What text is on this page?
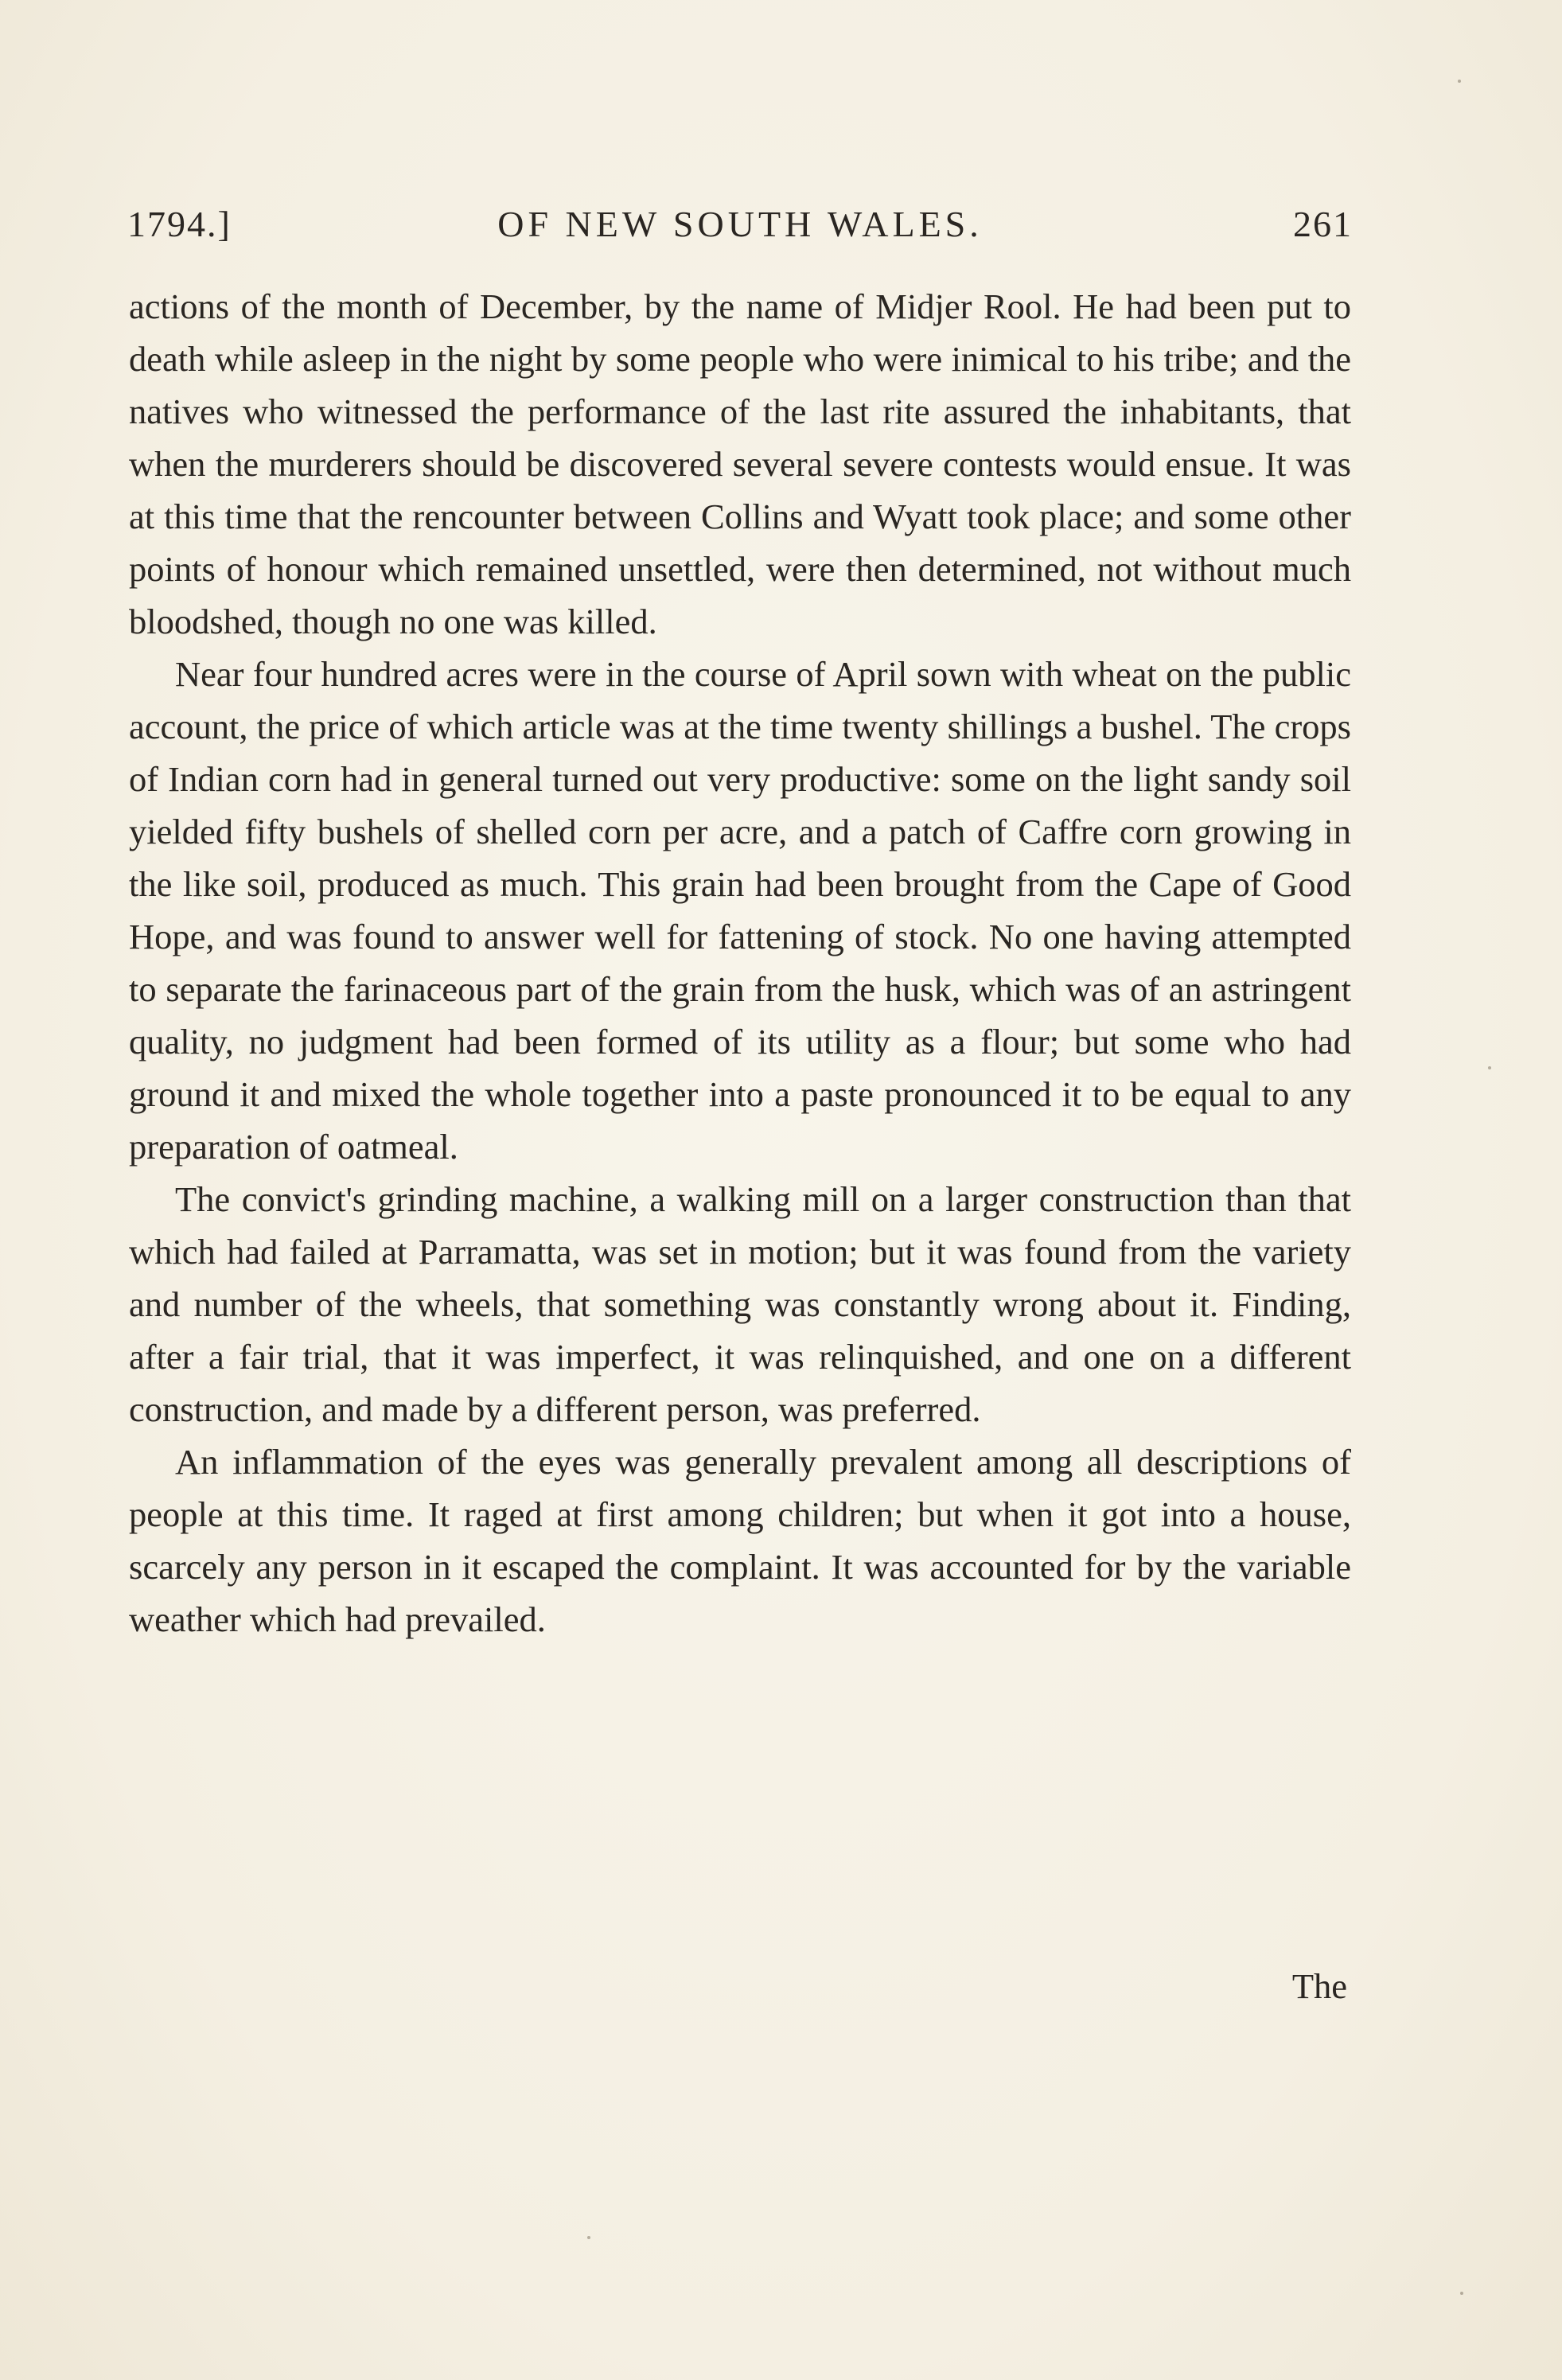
1794.]	OF NEW SOUTH WALES.	261

actions of the month of December, by the name of Midjer Rool. He had been put to death while asleep in the night by some people who were inimical to his tribe; and the natives who witnessed the performance of the last rite assured the inhabitants, that when the murderers should be discovered several severe contests would ensue. It was at this time that the rencounter between Collins and Wyatt took place; and some other points of honour which remained unsettled, were then determined, not without much bloodshed, though no one was killed.

Near four hundred acres were in the course of April sown with wheat on the public account, the price of which article was at the time twenty shillings a bushel. The crops of Indian corn had in general turned out very productive: some on the light sandy soil yielded fifty bushels of shelled corn per acre, and a patch of Caffre corn growing in the like soil, produced as much. This grain had been brought from the Cape of Good Hope, and was found to answer well for fattening of stock. No one having attempted to separate the farinaceous part of the grain from the husk, which was of an astringent quality, no judgment had been formed of its utility as a flour; but some who had ground it and mixed the whole together into a paste pronounced it to be equal to any preparation of oatmeal.

The convict's grinding machine, a walking mill on a larger construction than that which had failed at Parramatta, was set in motion; but it was found from the variety and number of the wheels, that something was constantly wrong about it. Finding, after a fair trial, that it was imperfect, it was relinquished, and one on a different construction, and made by a different person, was preferred.

An inflammation of the eyes was generally prevalent among all descriptions of people at this time. It raged at first among children; but when it got into a house, scarcely any person in it escaped the complaint. It was accounted for by the variable weather which had prevailed.

The
